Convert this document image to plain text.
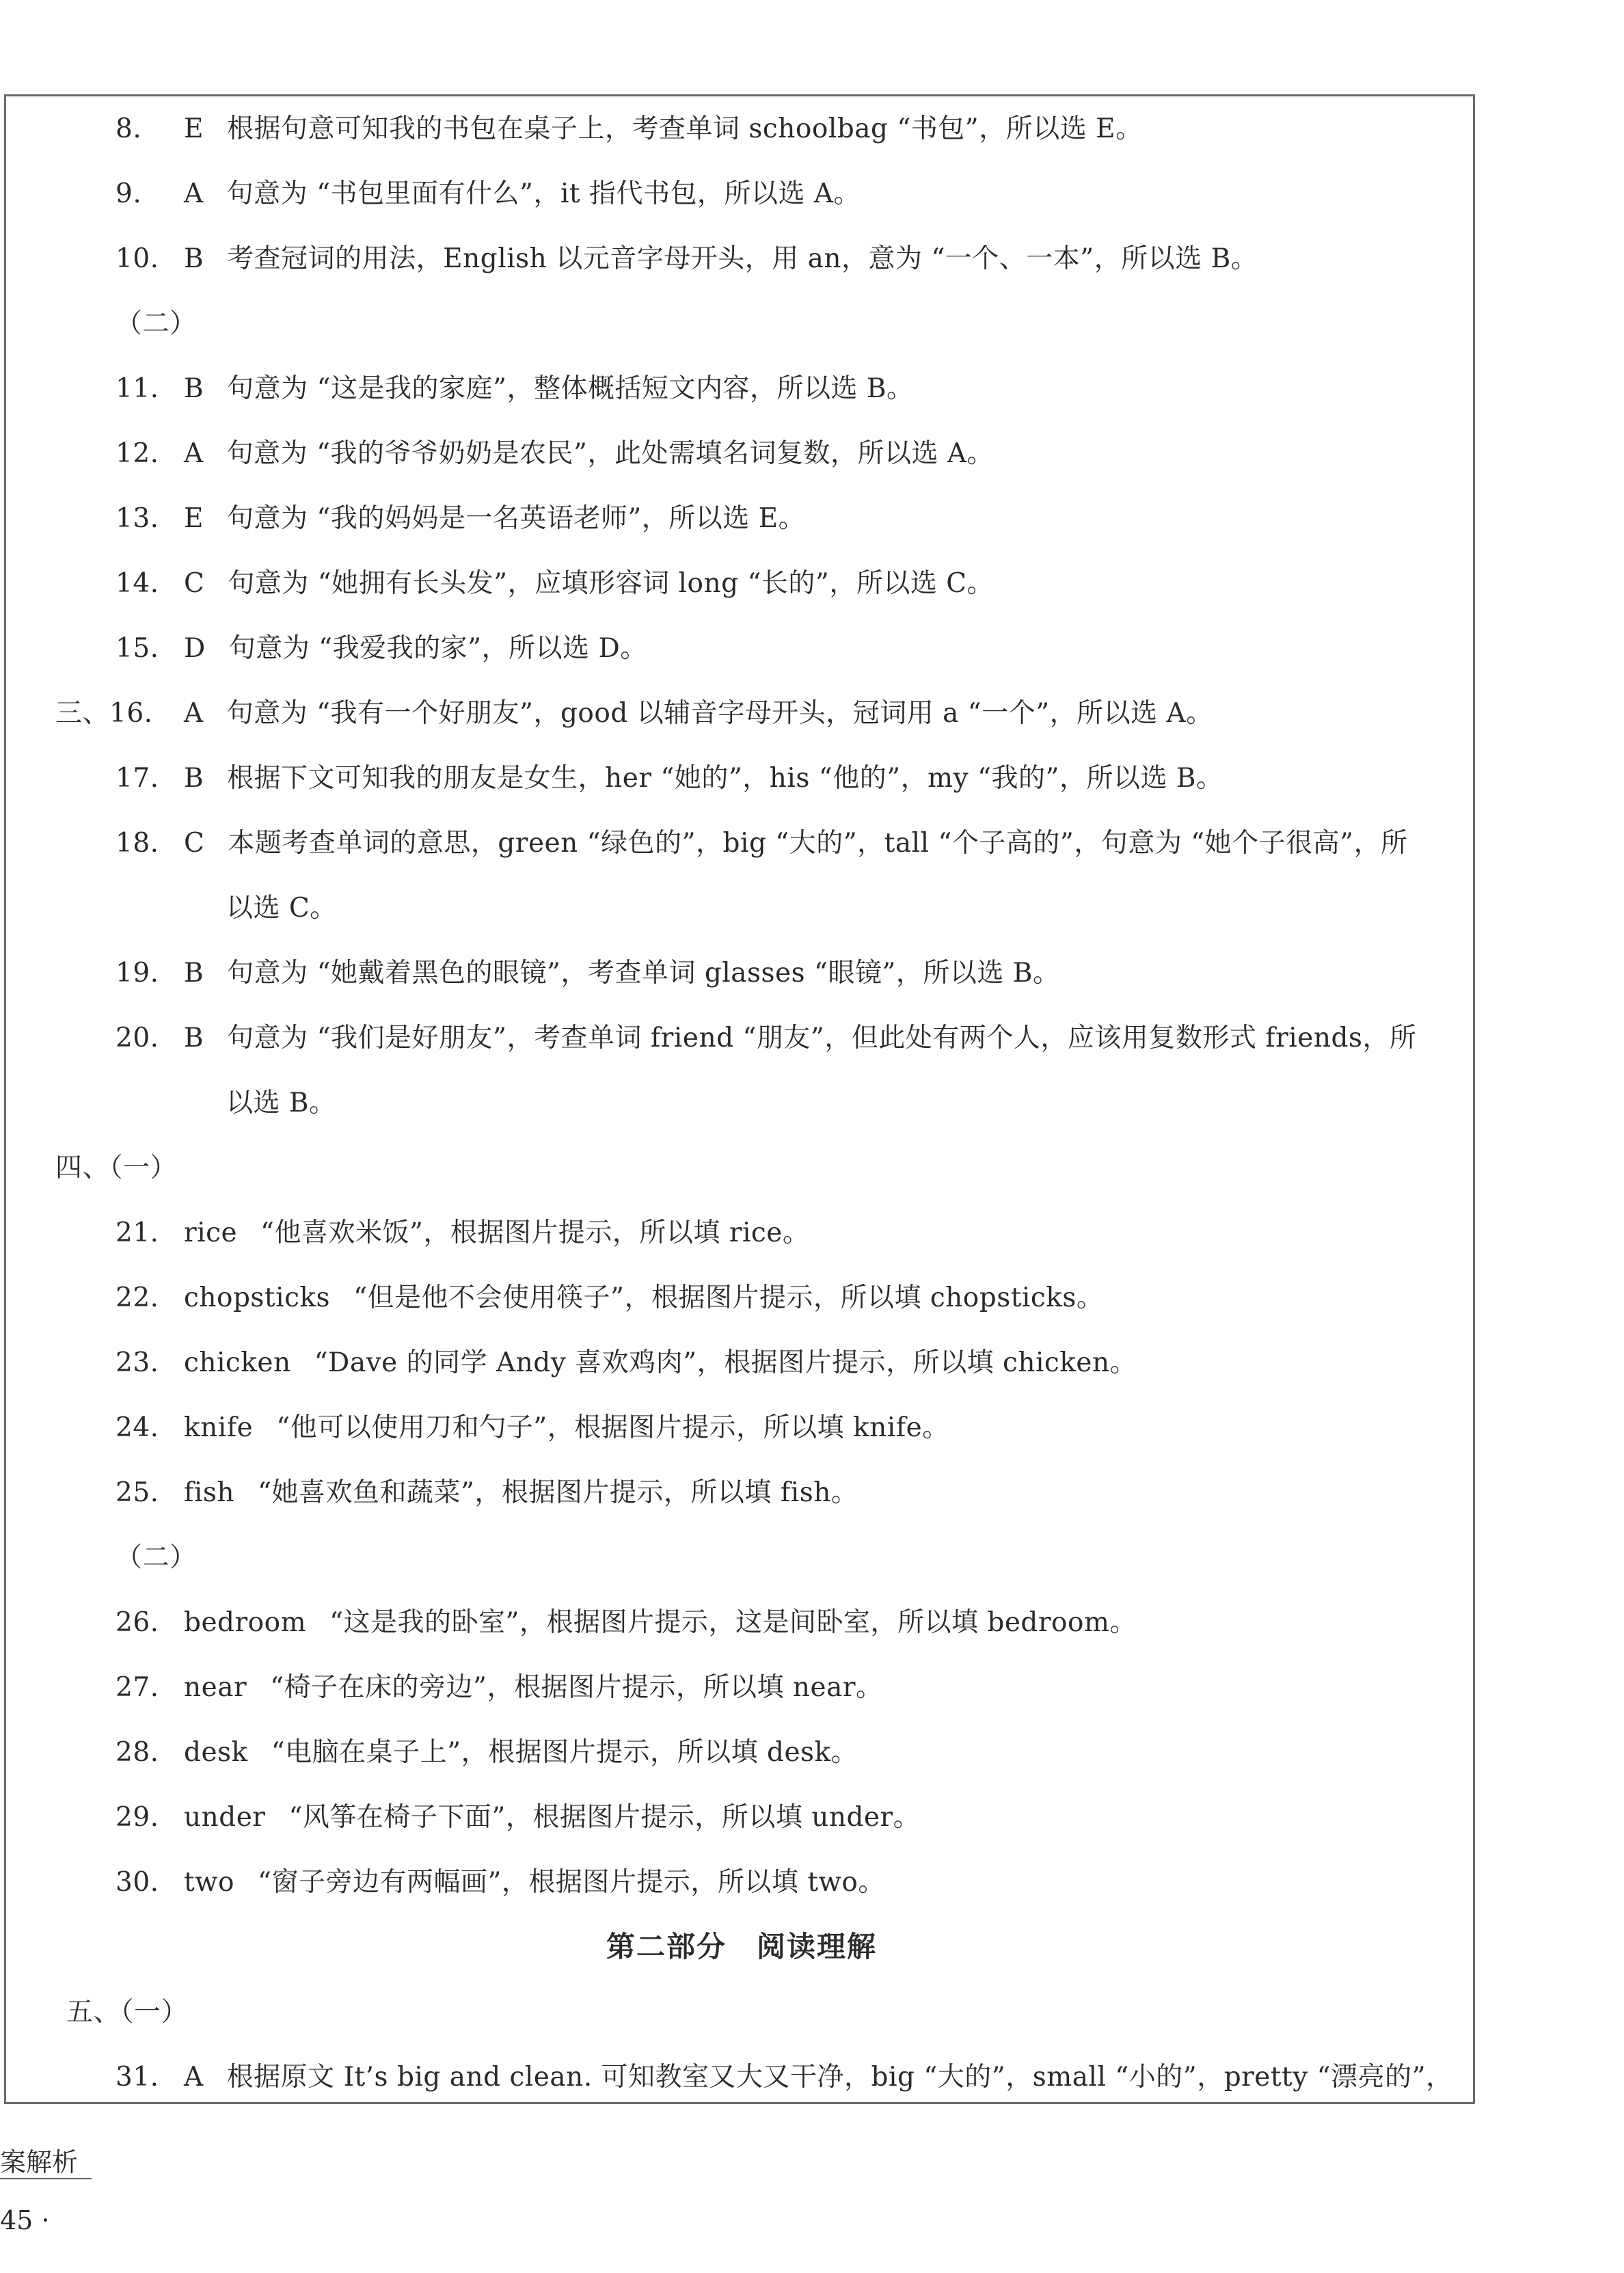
8. E 根据句意可知我的书包在桌子上，考查单词 schoolbag “书包”，所以选 E。
9. A 句意为 “书包里面有什么”，it 指代书包，所以选 A。
10. B 考查冠词的用法，English 以元音字母开头，用 an，意为 “一个、一本”，所以选 B。
（二）
11. B 句意为 “这是我的家庭”，整体概括短文内容，所以选 B。
12. A 句意为 “我的爷爷奶奶是农民”，此处需填名词复数，所以选 A。
13. E 句意为 “我的妈妈是一名英语老师”，所以选 E。
14. C 句意为 “她拥有长头发”，应填形容词 long “长的”，所以选 C。
15. D 句意为 “我爱我的家”，所以选 D。
三、16. A 句意为 “我有一个好朋友”，good 以辅音字母开头，冠词用 a “一个”，所以选 A。
17. B 根据下文可知我的朋友是女生，her “她的”，his “他的”，my “我的”，所以选 B。
18. C 本题考查单词的意思，green “绿色的”，big “大的”，tall “个子高的”，句意为 “她个子很高”，所
以选 C。
19. B 句意为 “她戴着黑色的眼镜”，考查单词 glasses “眼镜”，所以选 B。
20. B 句意为 “我们是好朋友”，考查单词 friend “朋友”，但此处有两个人，应该用复数形式 friends，所
以选 B。
四、（一）
21. rice “他喜欢米饭”，根据图片提示，所以填 rice。
22. chopsticks “但是他不会使用筷子”，根据图片提示，所以填 chopsticks。
23. chicken “Dave 的同学 Andy 喜欢鸡肉”，根据图片提示，所以填 chicken。
24. knife “他可以使用刀和勺子”，根据图片提示，所以填 knife。
25. fish “她喜欢鱼和蔬菜”，根据图片提示，所以填 fish。
（二）
26. bedroom “这是我的卧室”，根据图片提示，这是间卧室，所以填 bedroom。
27. near “椅子在床的旁边”，根据图片提示，所以填 near。
28. desk “电脑在桌子上”，根据图片提示，所以填 desk。
29. under “风筝在椅子下面”，根据图片提示，所以填 under。
30. two “窗子旁边有两幅画”，根据图片提示，所以填 two。
第二部分　阅读理解
五、（一）
31. A 根据原文 It’s big and clean. 可知教室又大又干净，big “大的”，small “小的”，pretty “漂亮的”，
案解析
45 ·
